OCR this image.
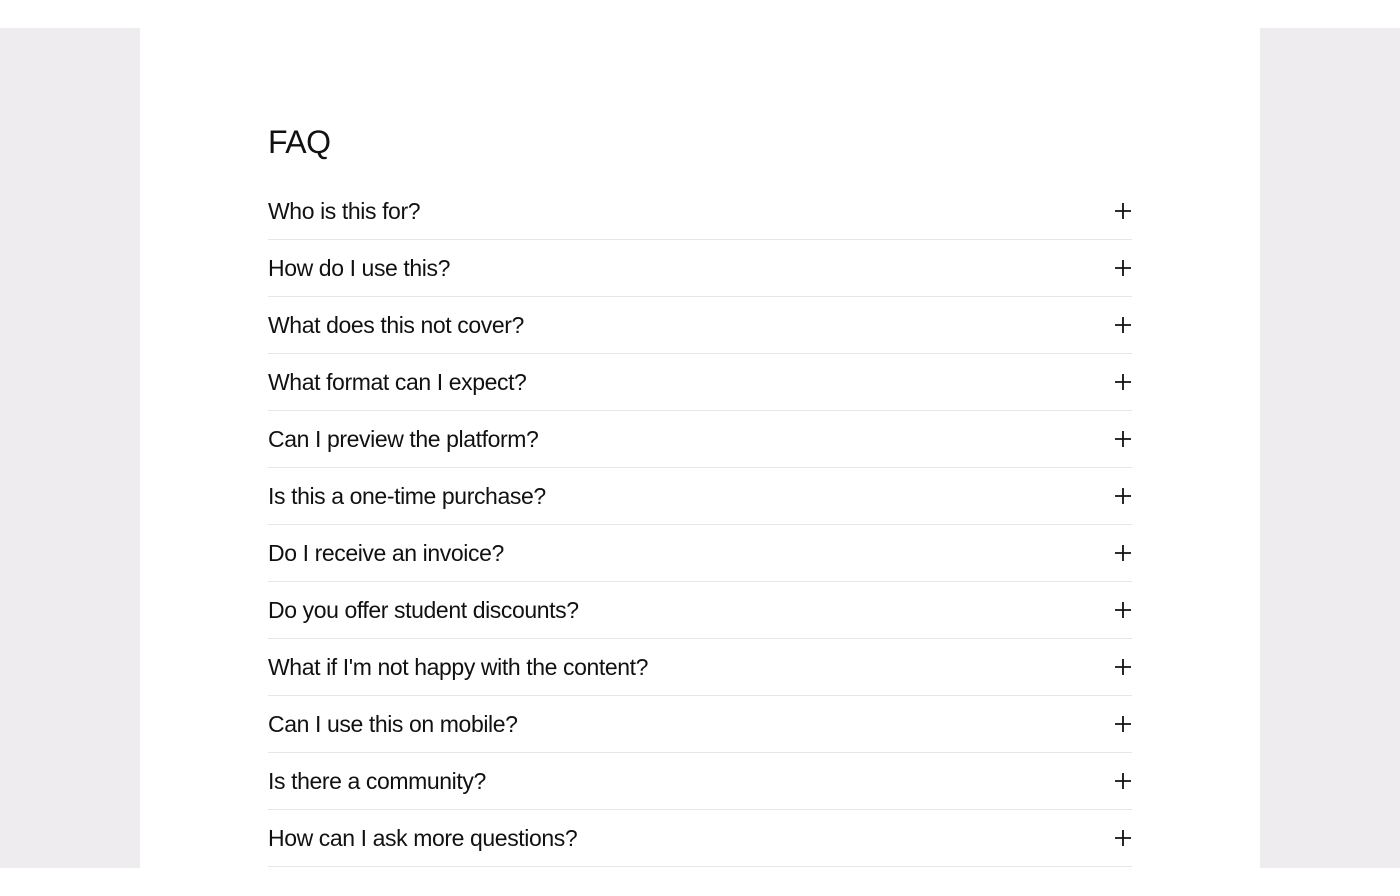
FAQ
Who is this for?
How do I use this?
What does this not cover?
What format can I expect?
Can I preview the platform?
Is this a one-time purchase?
Do I receive an invoice?
Do you offer student discounts?
What if I'm not happy with the content?
Can I use this on mobile?
Is there a community?
How can I ask more questions?
